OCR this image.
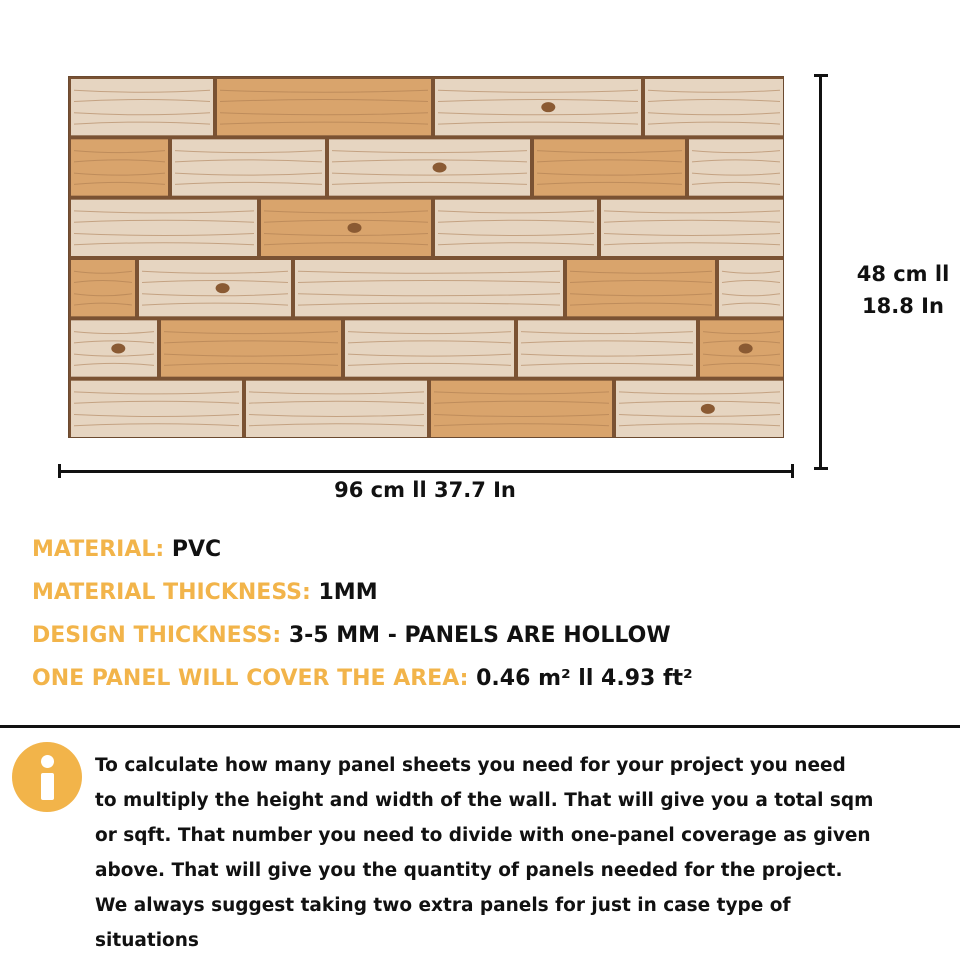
96 cm ll 37.7 In
48 cm ll
18.8 In
MATERIAL: PVC
MATERIAL THICKNESS: 1MM
DESIGN THICKNESS: 3-5 MM - PANELS ARE HOLLOW
ONE PANEL WILL COVER THE AREA: 0.46 m² ll 4.93 ft²
To calculate how many panel sheets you need for your project you need
to multiply the height and width of the wall. That will give you a total sqm
or sqft. That number you need to divide with one-panel coverage as given
above. That will give you the quantity of panels needed for the project.
We always suggest taking two extra panels for just in case type of
situations
